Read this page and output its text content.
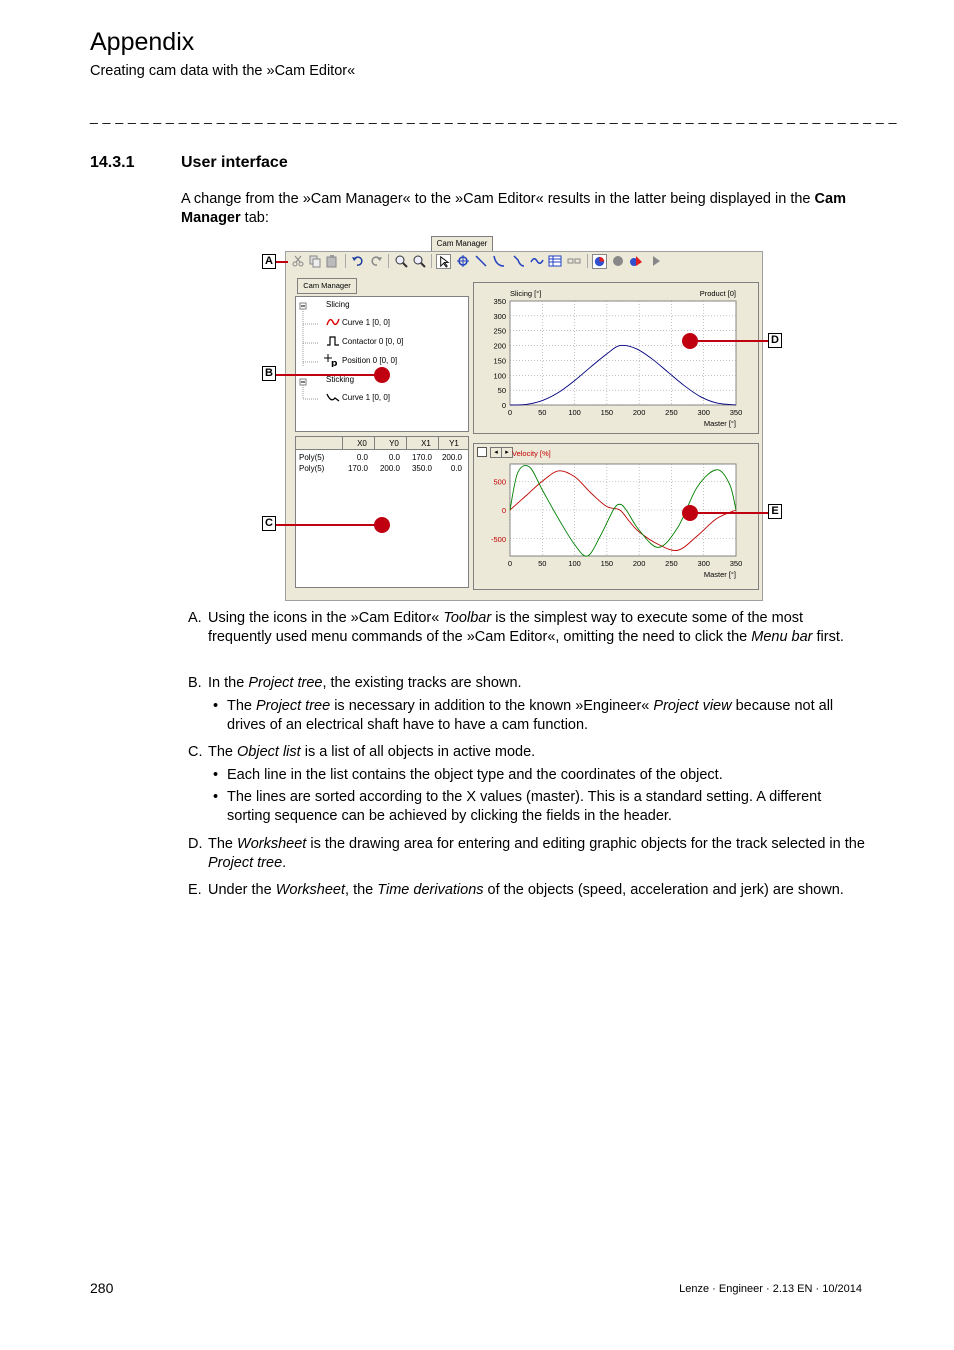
Appendix
Creating cam data with the »Cam Editor«
_ _ _ _ _ _ _ _ _ _ _ _ _ _ _ _ _ _ _ _ _ _ _ _ _ _ _ _ _ _ _ _ _ _ _ _ _ _ _ _ _ _ _ _ _ _ _ _ _ _ _ _ _ _ _ _ _ _ _ _ _ _ _ _
14.3.1	User interface
A change from the »Cam Manager« to the »Cam Editor« results in the latter being displayed in the Cam Manager tab:
Cam Manager
Cam Manager
Slicing
Curve 1 [0, 0]
Contactor 0 [0, 0]
p Position 0 [0, 0]
Sticking
Curve 1 [0, 0]
X0	Y0	X1	Y1
Poly(5)	0.0	0.0	170.0	200.0
Poly(5)	170.0 200.0	350.0	0.0
0	50	100	150	200	250	300	350
0
50
100
150
200
250
300
350
Master [°]
Slicing [°]	Product [0]
◂	▸
0	50	100	150	200	250	300	350
500
0
-500
Master [°]
Velocity [%]
A
B
C
D
E
A. Using the icons in the »Cam Editor« Toolbar is the simplest way to execute some of the most frequently used menu commands of the »Cam Editor«, omitting the need to click the Menu bar first.
B. In the Project tree, the existing tracks are shown.
• The Project tree is necessary in addition to the known »Engineer« Project view because not all drives of an electrical shaft have to have a cam function.
C. The Object list is a list of all objects in active mode.
• Each line in the list contains the object type and the coordinates of the object.
• The lines are sorted according to the X values (master). This is a standard setting. A different sorting sequence can be achieved by clicking the fields in the header.
D. The Worksheet is the drawing area for entering and editing graphic objects for the track selected in the Project tree.
E. Under the Worksheet, the Time derivations of the objects (speed, acceleration and jerk) are shown.
280	Lenze · Engineer · 2.13 EN · 10/2014
